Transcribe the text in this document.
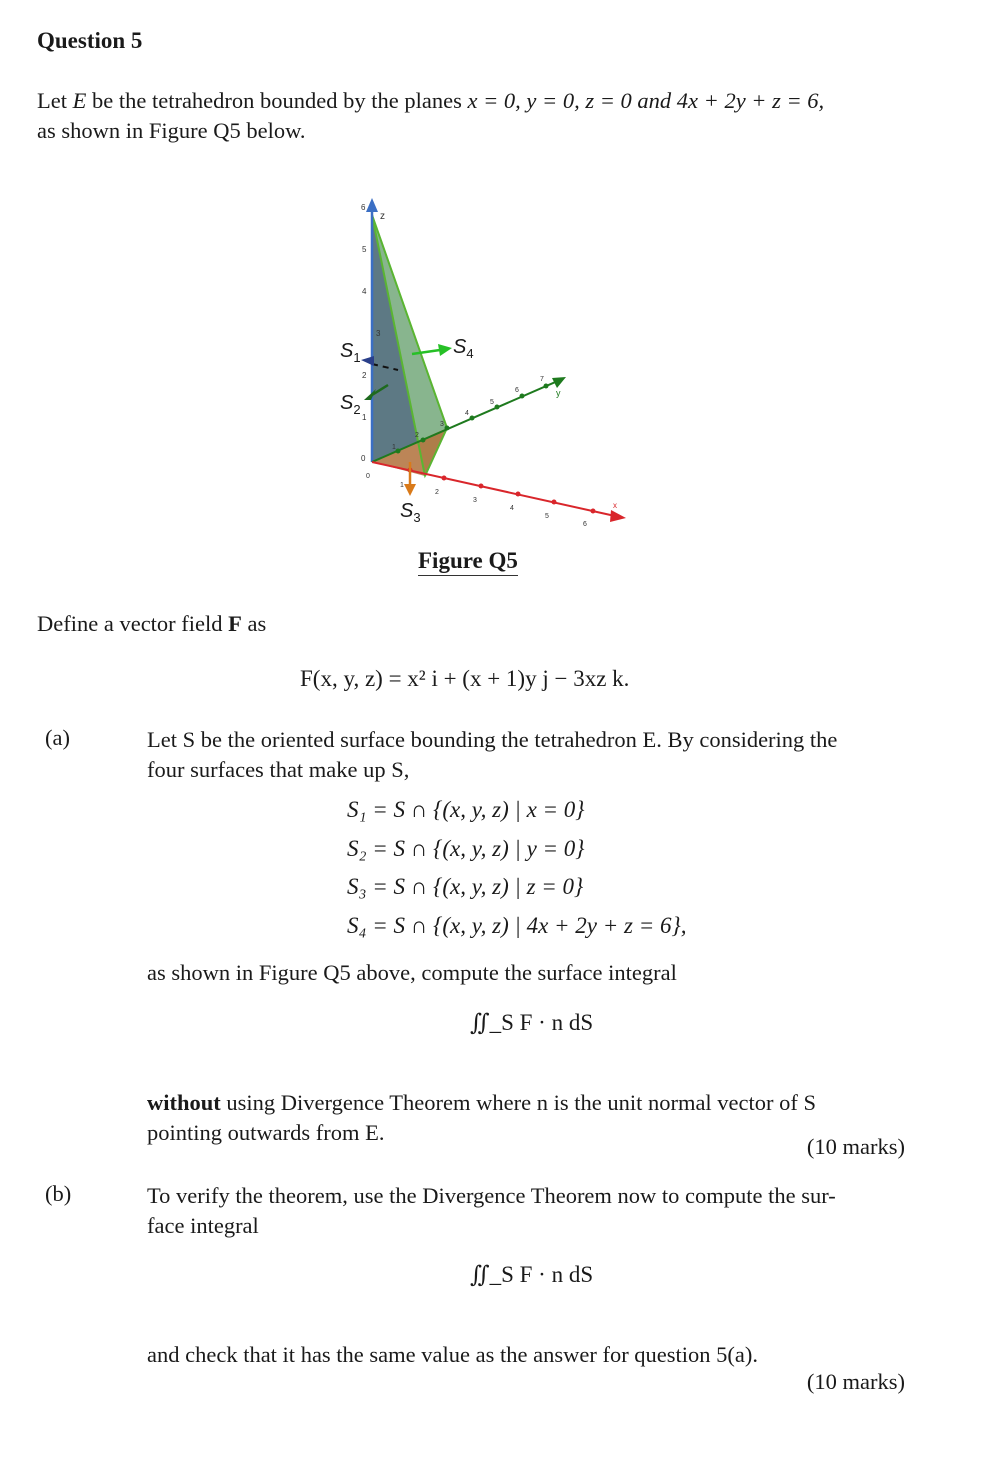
Question 5
Let E be the tetrahedron bounded by the planes x = 0, y = 0, z = 0 and 4x + 2y + z = 6,
as shown in Figure Q5 below.
z
6
5
4
3
2
1
0
y
1
2
3
4
5
6
7
x
0
1
2
3
4
5
6
$S_1$
$S_2$
$S_3$
$S_4$
Figure Q5
Define a vector field F as
F(x, y, z) = x² i + (x + 1)y j − 3xz k.
(a)	Let S be the oriented surface bounding the tetrahedron E. By considering the
four surfaces that make up S,
S₁ = S ∩ {(x, y, z) | x = 0}
S₂ = S ∩ {(x, y, z) | y = 0}
S₃ = S ∩ {(x, y, z) | z = 0}
S₄ = S ∩ {(x, y, z) | 4x + 2y + z = 6},
as shown in Figure Q5 above, compute the surface integral
∬_S F · n dS
without using Divergence Theorem where n is the unit normal vector of S
pointing outwards from E.
(10 marks)
(b)	To verify the theorem, use the Divergence Theorem now to compute the sur-
face integral
∬_S F · n dS
and check that it has the same value as the answer for question 5(a).
(10 marks)
